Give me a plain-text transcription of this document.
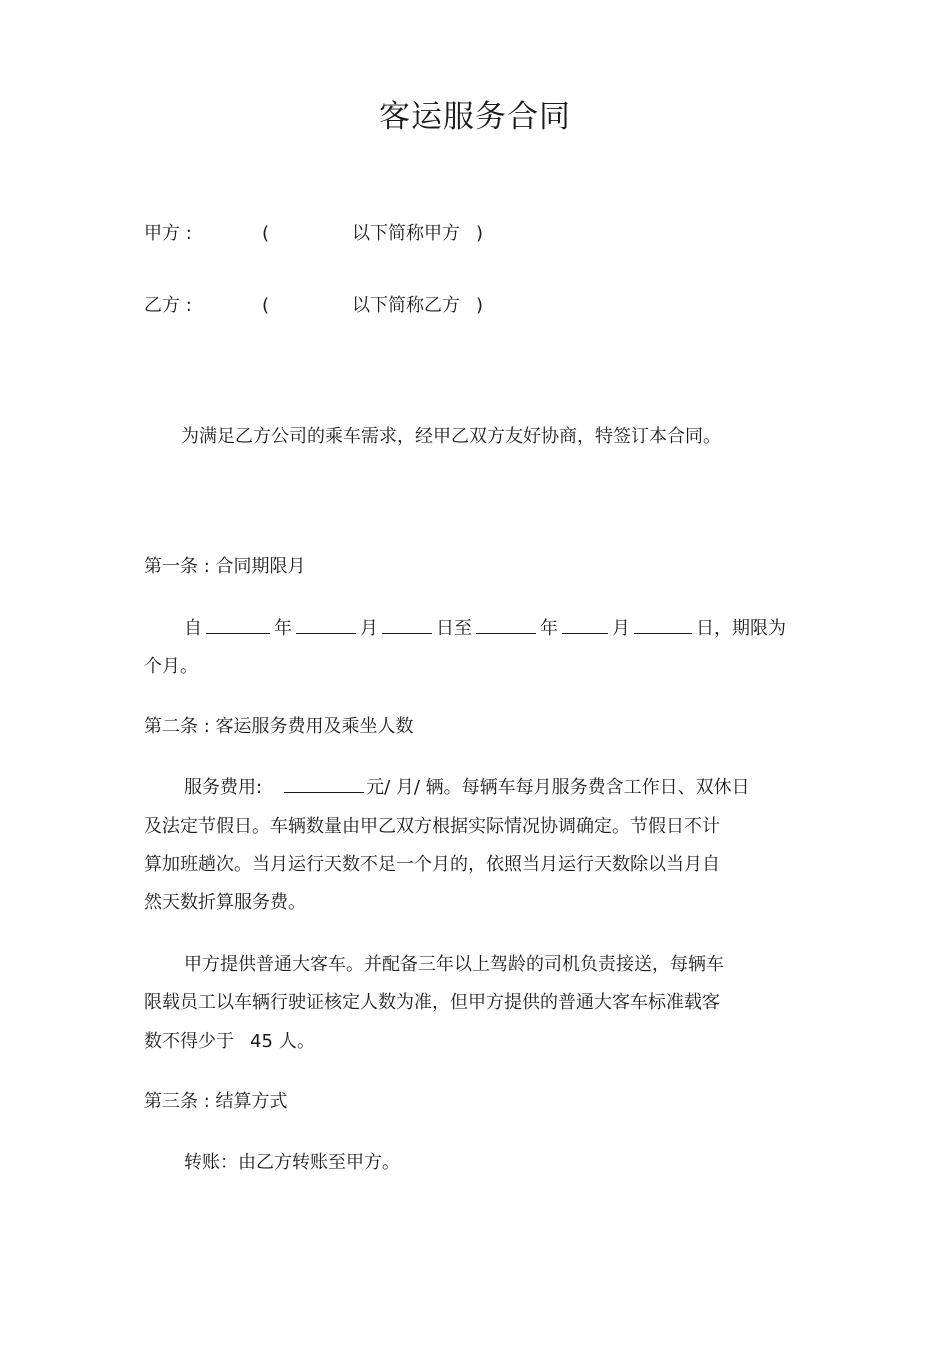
客运服务合同
甲方 :	(	以下简称甲方 )
乙方 :	(	以下简称乙方 )
为满足乙方公司的乘车需求，经甲乙双方友好协商，特签订本合同。
第一条 : 合同期限月
自	年	月	日至	年	月	日，期限为
个月。
第二条 : 客运服务费用及乘坐人数
服务费用:	元/ 月/ 辆。每辆车每月服务费含工作日、双休日
及法定节假日。车辆数量由甲乙双方根据实际情况协调确定。节假日不计
算加班趟次。当月运行天数不足一个月的，依照当月运行天数除以当月自
然天数折算服务费。
甲方提供普通大客车。并配备三年以上驾龄的司机负责接送，每辆车
限载员工以车辆行驶证核定人数为准，但甲方提供的普通大客车标准载客
数不得少于 45 人。
第三条 : 结算方式
转账：由乙方转账至甲方。
